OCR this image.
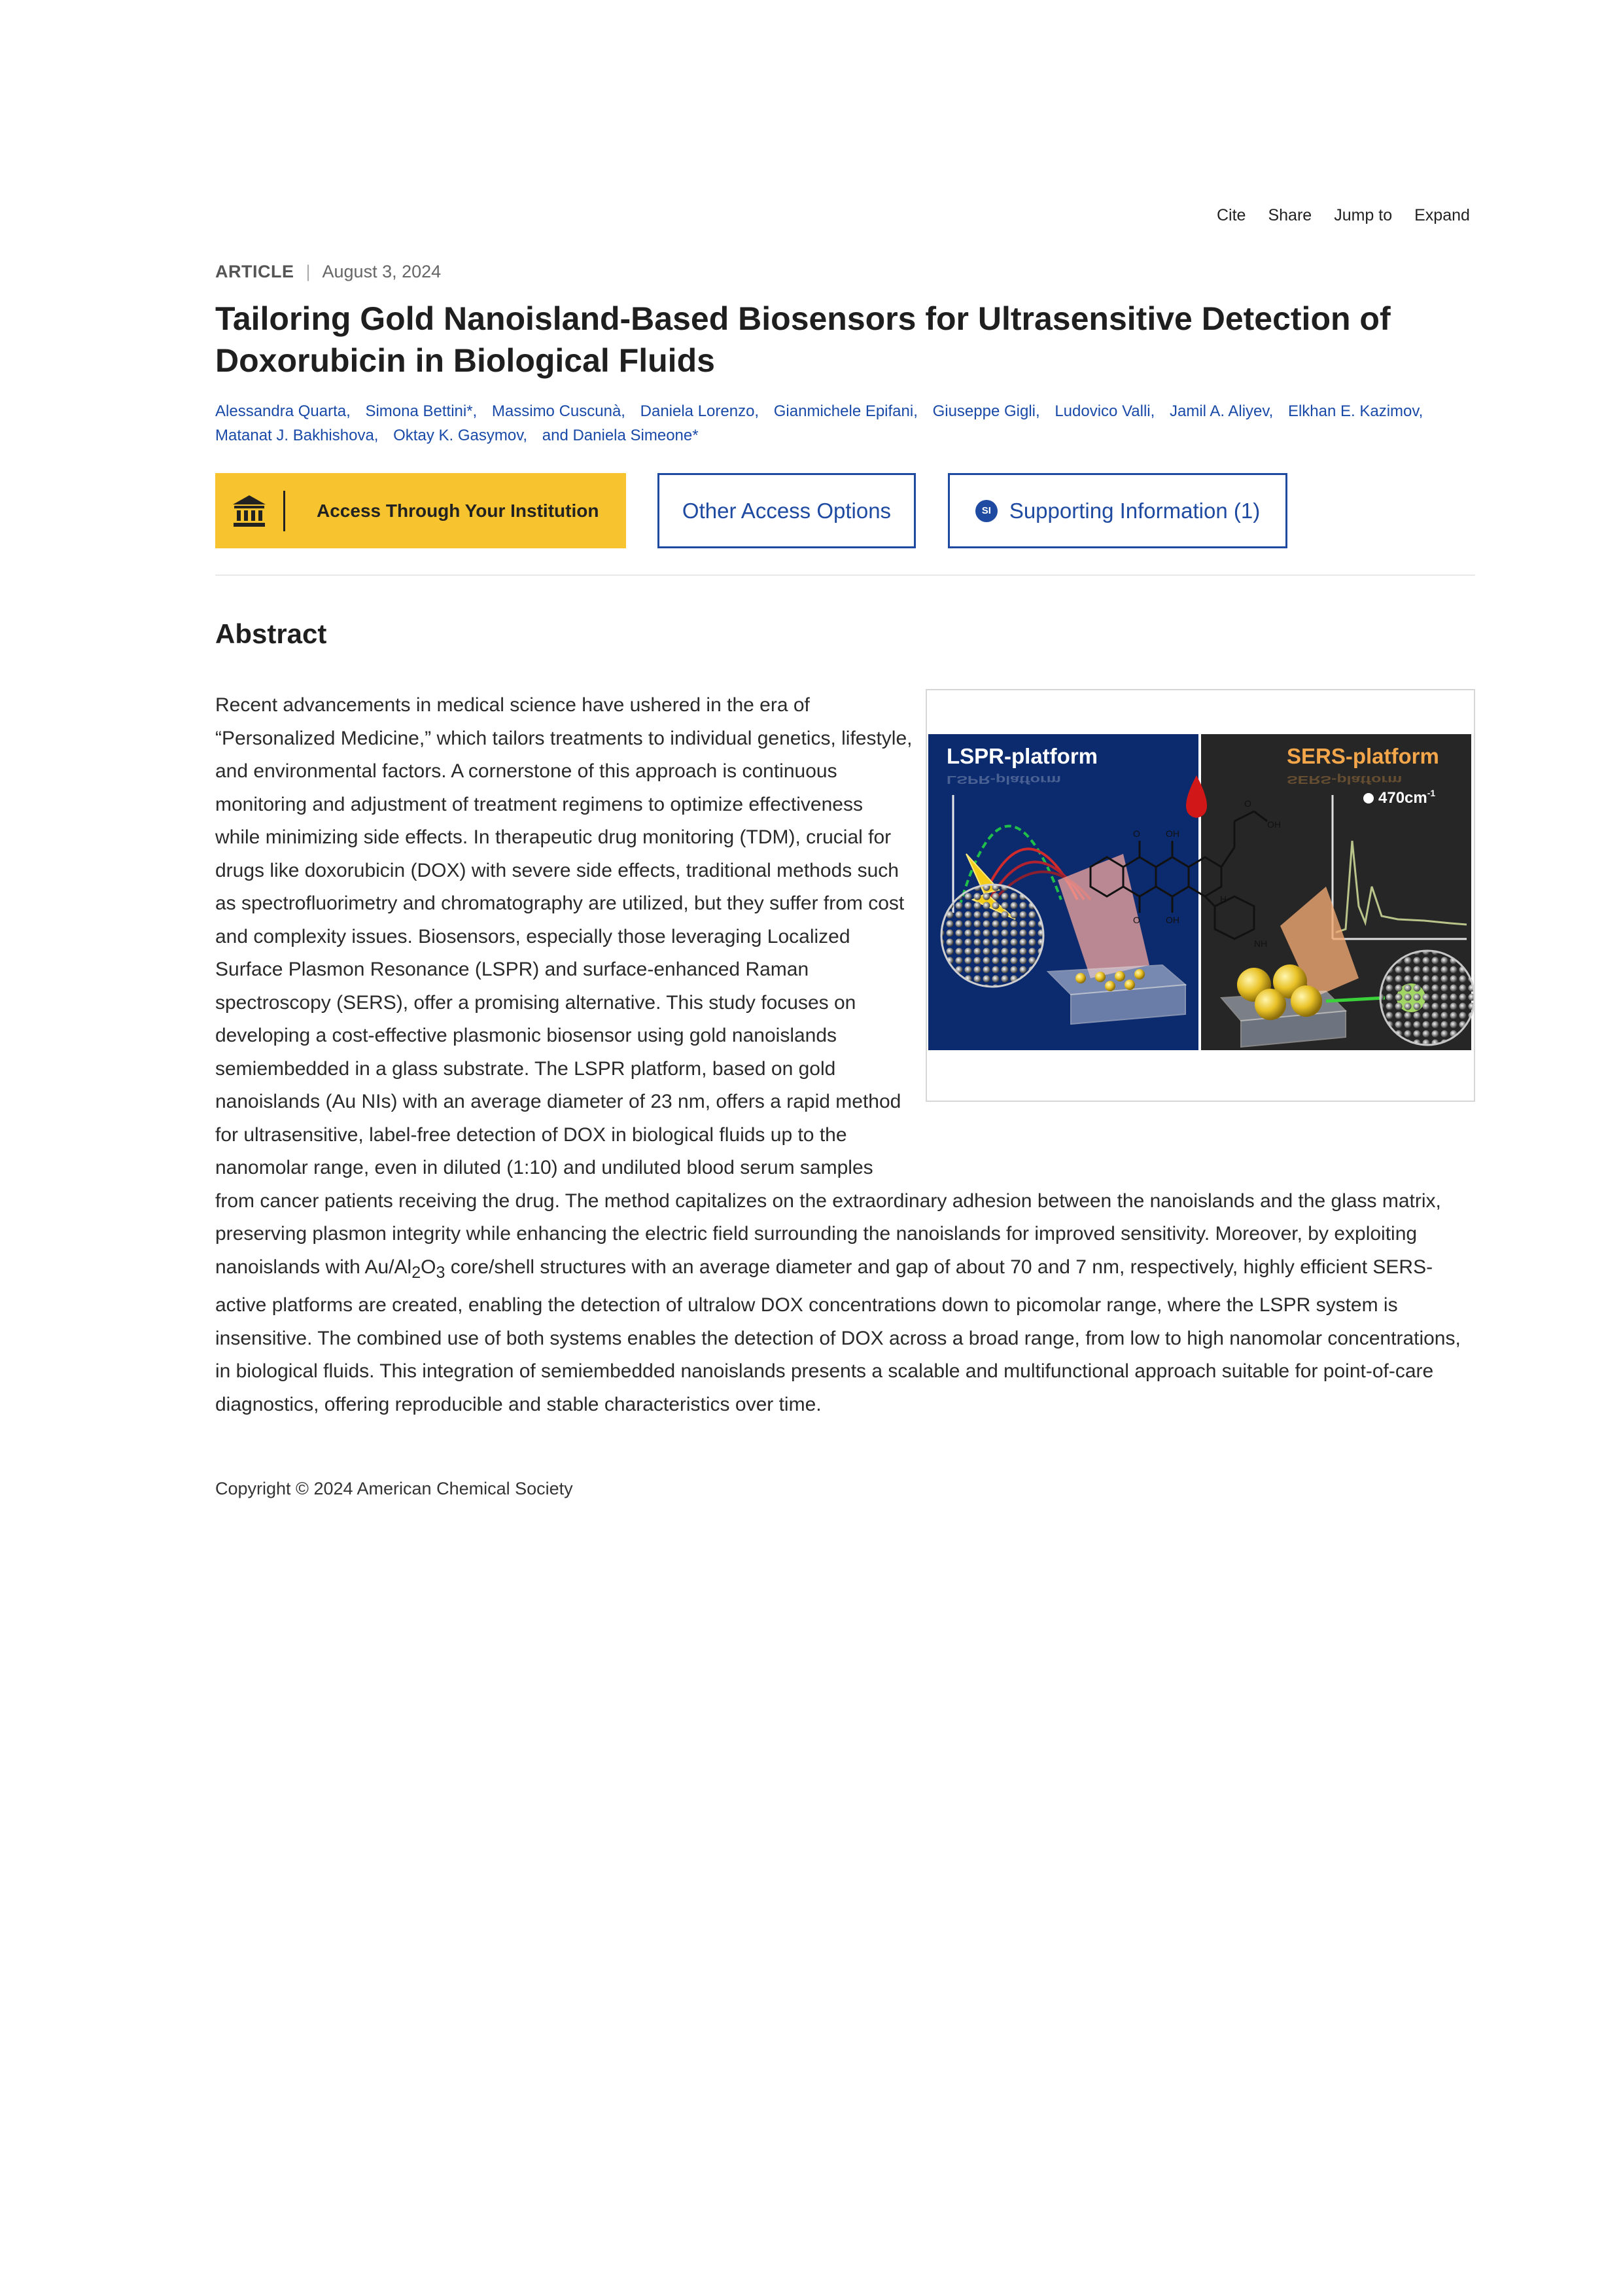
Cite Share Jump to Expand
ARTICLE | August 3, 2024
Tailoring Gold Nanoisland-Based Biosensors for Ultrasensitive Detection of Doxorubicin in Biological Fluids
Alessandra Quarta, Simona Bettini*, Massimo Cuscunà, Daniela Lorenzo, Gianmichele Epifani, Giuseppe Gigli, Ludovico Valli, Jamil A. Aliyev, Elkhan E. Kazimov,
Matanat J. Bakhishova, Oktay K. Gasymov, and Daniela Simeone*
Access Through Your Institution	Other Access Options	SI Supporting Information (1)
Abstract

Recent advancements in medical science have ushered in the era of “Personalized Medicine,” which tailors treatments to individual genetics, lifestyle, and environmental factors. A cornerstone of this approach is continuous monitoring and adjustment of treatment regimens to optimize effectiveness while minimizing side effects. In therapeutic drug monitoring (TDM), crucial for drugs like doxorubicin (DOX) with severe side effects, traditional methods such as spectrofluorimetry and chromatography are utilized, but they suffer from cost and complexity issues. Biosensors, especially those leveraging Localized Surface Plasmon Resonance (LSPR) and surface-enhanced Raman spectroscopy (SERS), offer a promising alternative. This study focuses on developing a cost-effective plasmonic biosensor using gold nanoislands semiembedded in a glass substrate. The LSPR platform, based on gold nanoislands (Au NIs) with an average diameter of 23 nm, offers a rapid method for ultrasensitive, label-free detection of DOX in biological fluids up to the nanomolar range, even in diluted (1:10) and undiluted blood serum samples from cancer patients receiving the drug. The method capitalizes on the extraordinary adhesion between the nanoislands and the glass matrix, preserving plasmon integrity while enhancing the electric field surrounding the nanoislands for improved sensitivity. Moreover, by exploiting nanoislands with $Au/Al_2O_3$ core/shell structures with an average diameter and gap of about 70 and 7 nm, respectively, highly efficient SERS-active platforms are created, enabling the detection of ultralow DOX concentrations down to picomolar range, where the LSPR system is insensitive. The combined use of both systems enables the detection of DOX across a broad range, from low to high nanomolar concentrations, in biological fluids. This integration of semiembedded nanoislands presents a scalable and multifunctional approach suitable for point-of-care diagnostics, offering reproducible and stable characteristics over time.

LSPR-platform
LSPR-platform
SERS-platform
SERS-platform
OH
OH
O
O
O
OH
H
NH
$470cm^{-1}$
Copyright © 2024 American Chemical Society
